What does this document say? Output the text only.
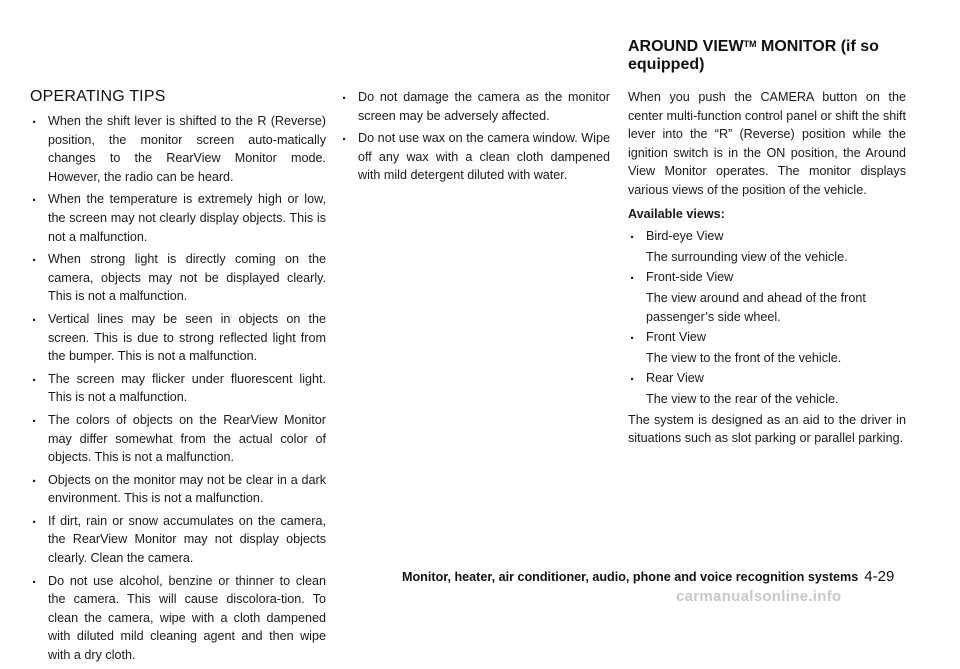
OPERATING TIPS
. When the shift lever is shifted to the R (Reverse) position, the monitor screen auto-matically changes to the RearView Monitor mode. However, the radio can be heard.
. When the temperature is extremely high or low, the screen may not clearly display objects. This is not a malfunction.
. When strong light is directly coming on the camera, objects may not be displayed clearly. This is not a malfunction.
. Vertical lines may be seen in objects on the screen. This is due to strong reflected light from the bumper. This is not a malfunction.
. The screen may flicker under fluorescent light. This is not a malfunction.
. The colors of objects on the RearView Monitor may differ somewhat from the actual color of objects. This is not a malfunction.
. Objects on the monitor may not be clear in a dark environment. This is not a malfunction.
. If dirt, rain or snow accumulates on the camera, the RearView Monitor may not display objects clearly. Clean the camera.
. Do not use alcohol, benzine or thinner to clean the camera. This will cause discolora-tion. To clean the camera, wipe with a cloth dampened with diluted mild cleaning agent and then wipe with a dry cloth.
. Do not damage the camera as the monitor screen may be adversely affected.
. Do not use wax on the camera window. Wipe off any wax with a clean cloth dampened with mild detergent diluted with water.
AROUND VIEW™ MONITOR (if so equipped)
When you push the CAMERA button on the center multi-function control panel or shift the shift lever into the “R” (Reverse) position while the ignition switch is in the ON position, the Around View Monitor operates. The monitor displays various views of the position of the vehicle.
Available views:
. Bird-eye View
The surrounding view of the vehicle.
. Front-side View
The view around and ahead of the front passenger’s side wheel.
. Front View
The view to the front of the vehicle.
. Rear View
The view to the rear of the vehicle.
The system is designed as an aid to the driver in situations such as slot parking or parallel parking.
Monitor, heater, air conditioner, audio, phone and voice recognition systems 4-29
carmanualsonline.info
